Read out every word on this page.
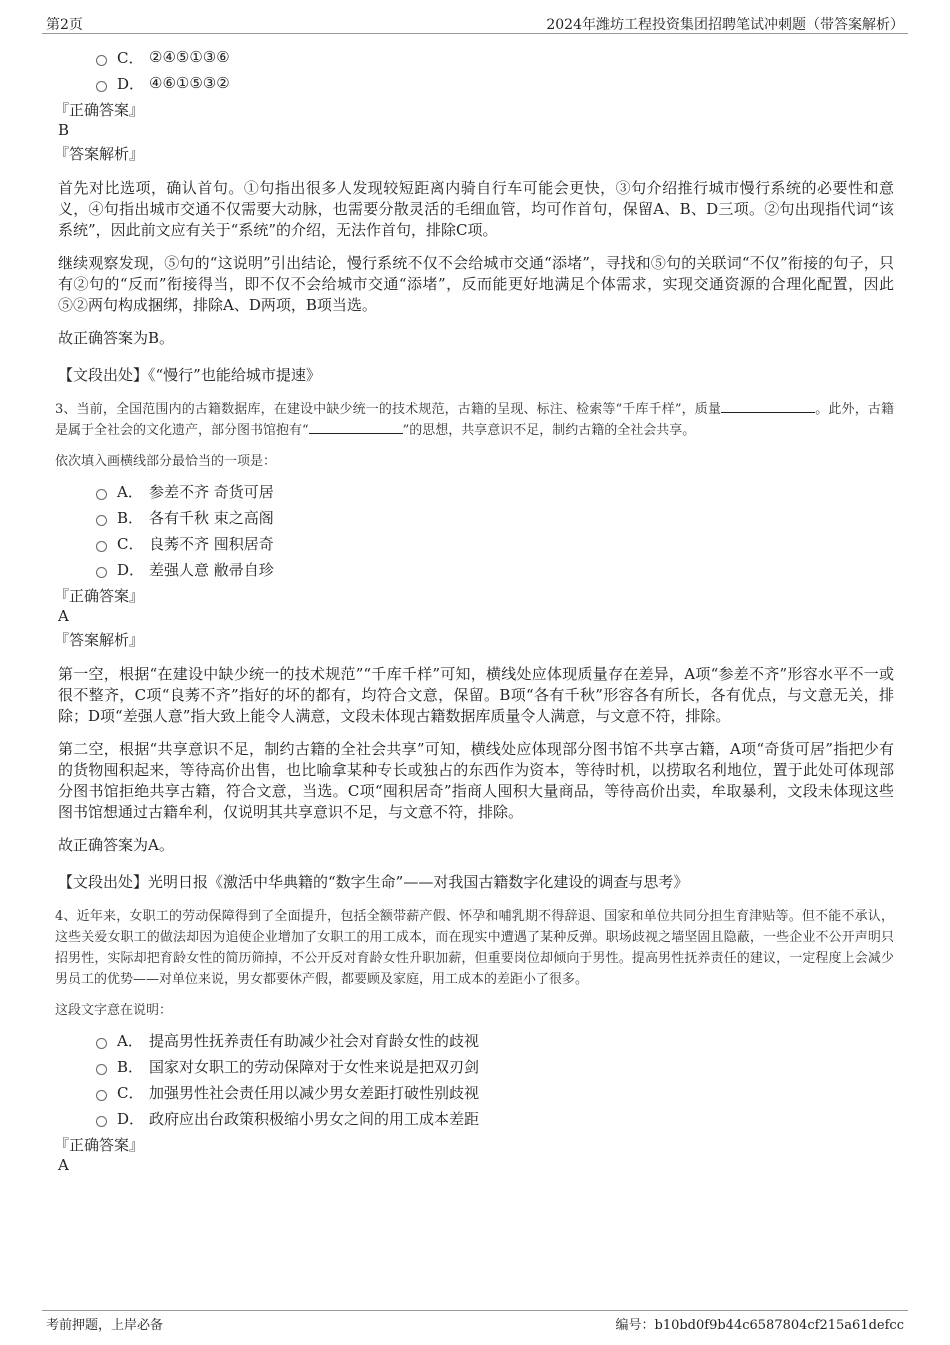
第2页	2024年潍坊工程投资集团招聘笔试冲刺题（带答案解析）
C． ②④⑤①③⑥
D． ④⑥①⑤③②
『正确答案』
B
『答案解析』

首先对比选项，确认首句。①句指出很多人发现较短距离内骑自行车可能会更快，③句介绍推行城市慢行系统的必要性和意义，④句指出城市交通不仅需要大动脉，也需要分散灵活的毛细血管，均可作首句，保留A、B、D三项。②句出现指代词“该系统”，因此前文应有关于“系统”的介绍，无法作首句，排除C项。

继续观察发现，⑤句的“这说明”引出结论，慢行系统不仅不会给城市交通“添堵”，寻找和⑤句的关联词“不仅”衔接的句子，只有②句的“反而”衔接得当，即不仅不会给城市交通“添堵”，反而能更好地满足个体需求，实现交通资源的合理化配置，因此⑤②两句构成捆绑，排除A、D两项，B项当选。

故正确答案为B。

【文段出处】《“慢行”也能给城市提速》

3、当前，全国范围内的古籍数据库，在建设中缺少统一的技术规范，古籍的呈现、标注、检索等“千库千样”，质量	。此外，古籍是属于全社会的文化遗产，部分图书馆抱有“	”的思想，共享意识不足，制约古籍的全社会共享。

依次填入画横线部分最恰当的一项是：

A． 参差不齐 奇货可居
B． 各有千秋 束之高阁
C． 良莠不齐 囤积居奇
D． 差强人意 敝帚自珍
『正确答案』
A
『答案解析』

第一空，根据“在建设中缺少统一的技术规范”“千库千样”可知，横线处应体现质量存在差异，A项“参差不齐”形容水平不一或很不整齐，C项“良莠不齐”指好的坏的都有，均符合文意，保留。B项“各有千秋”形容各有所长，各有优点，与文意无关，排除；D项“差强人意”指大致上能令人满意，文段未体现古籍数据库质量令人满意，与文意不符，排除。

第二空，根据“共享意识不足，制约古籍的全社会共享”可知，横线处应体现部分图书馆不共享古籍，A项“奇货可居”指把少有的货物囤积起来，等待高价出售，也比喻拿某种专长或独占的东西作为资本，等待时机，以捞取名利地位，置于此处可体现部分图书馆拒绝共享古籍，符合文意，当选。C项“囤积居奇”指商人囤积大量商品，等待高价出卖，牟取暴利，文段未体现这些图书馆想通过古籍牟利，仅说明其共享意识不足，与文意不符，排除。

故正确答案为A。

【文段出处】光明日报《激活中华典籍的“数字生命”——对我国古籍数字化建设的调查与思考》

4、近年来，女职工的劳动保障得到了全面提升，包括全额带薪产假、怀孕和哺乳期不得辞退、国家和单位共同分担生育津贴等。但不能不承认，这些关爱女职工的做法却因为追使企业增加了女职工的用工成本，而在现实中遭遇了某种反弹。职场歧视之墙坚固且隐蔽，一些企业不公开声明只招男性，实际却把育龄女性的简历筛掉，不公开反对育龄女性升职加薪，但重要岗位却倾向于男性。提高男性抚养责任的建议，一定程度上会减少男员工的优势——对单位来说，男女都要休产假，都要顾及家庭，用工成本的差距小了很多。

这段文字意在说明：

A． 提高男性抚养责任有助减少社会对育龄女性的歧视
B． 国家对女职工的劳动保障对于女性来说是把双刃剑
C． 加强男性社会责任用以减少男女差距打破性别歧视
D． 政府应出台政策积极缩小男女之间的用工成本差距
『正确答案』
A
考前押题，上岸必备	编号：b10bd0f9b44c6587804cf215a61defcc
